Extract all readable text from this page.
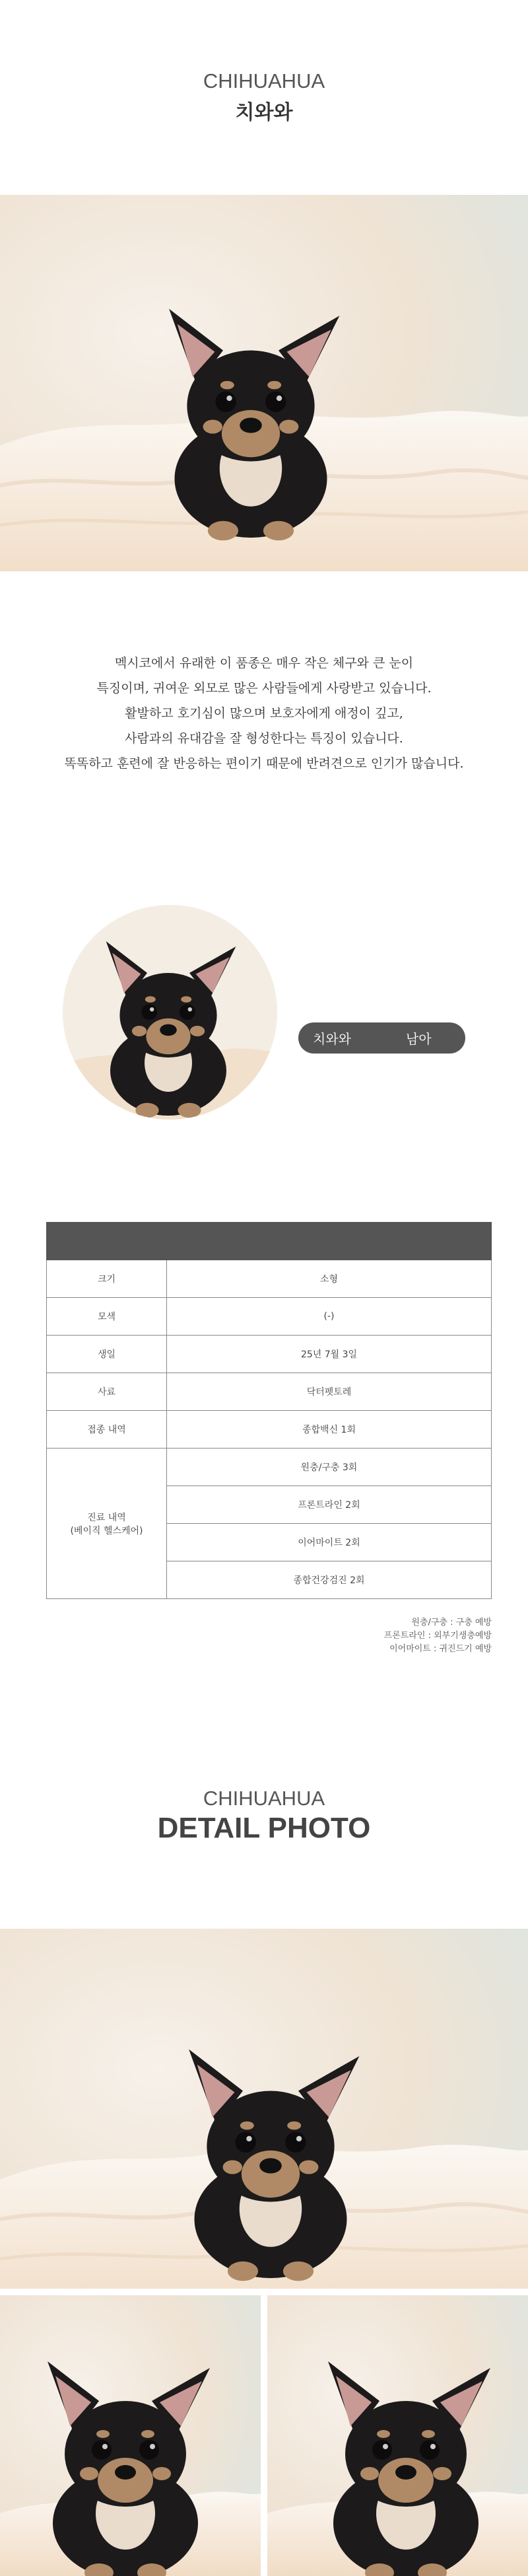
CHIHUAHUA
치와와

멕시코에서 유래한 이 품종은 매우 작은 체구와 큰 눈이

특징이며, 귀여운 외모로 많은 사람들에게 사랑받고 있습니다.

활발하고 호기심이 많으며 보호자에게 애정이 깊고,

사람과의 유대감을 잘 형성한다는 특징이 있습니다.

똑똑하고 훈련에 잘 반응하는 편이기 때문에 반려견으로 인기가 많습니다.

치와와	남아

크기	소형
모색	(-)
생일	25년 7월 3일
사료	닥터펫토레
접종 내역	종합백신 1회

진료 내역
(베이직 헬스케어)	원충/구충 3회
	프론트라인 2회
	이어마이트 2회
	종합건강검진 2회
원충/구충 : 구충 예방
프론트라인 : 외부기생충예방
이어마이트 : 귀진드기 예방
CHIHUAHUA
DETAIL PHOTO
